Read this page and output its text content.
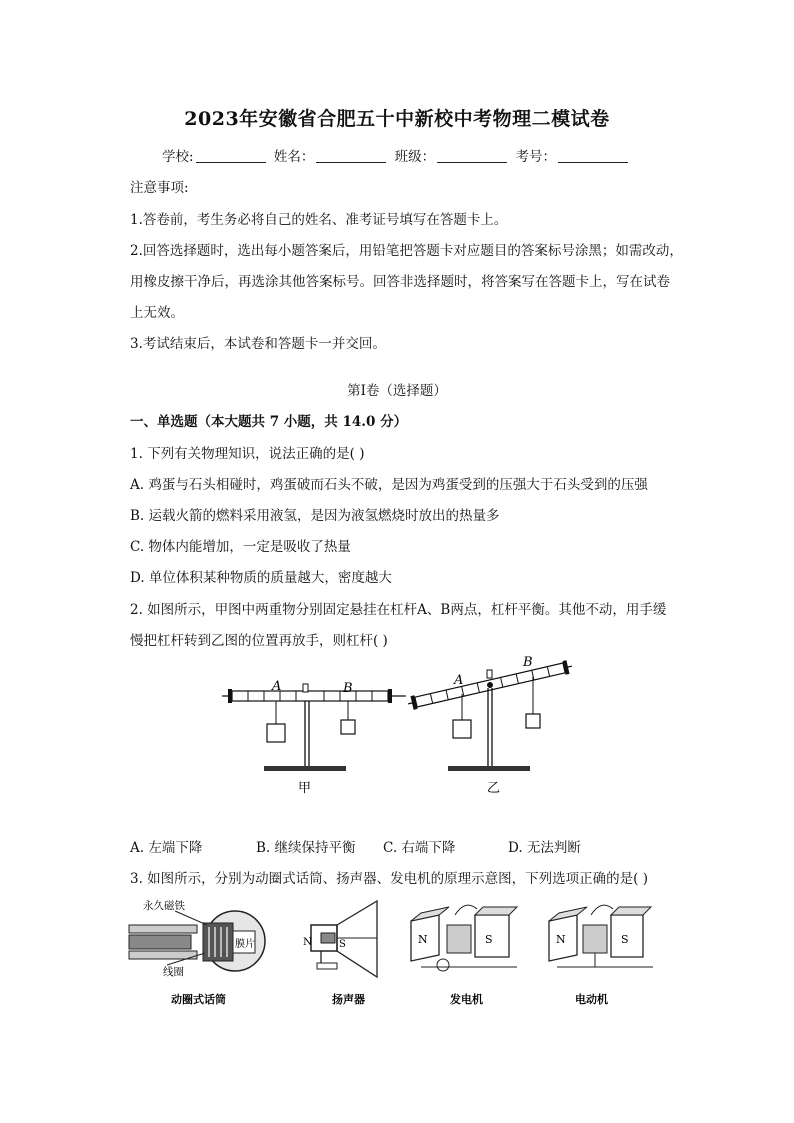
2023年安徽省合肥五十中新校中考物理二模试卷
学校:	姓名：	班级：	考号：
注意事项:
1.答卷前，考生务必将自己的姓名、准考证号填写在答题卡上。
2.回答选择题时，选出每小题答案后，用铅笔把答题卡对应题目的答案标号涂黑；如需改动，
用橡皮擦干净后，再选涂其他答案标号。回答非选择题时，将答案写在答题卡上，写在试卷
上无效。
3.考试结束后，本试卷和答题卡一并交回。
第Ⅰ卷（选择题）
一、单选题（本大题共 7 小题，共 14.0 分）
1. 下列有关物理知识，说法正确的是( )
A. 鸡蛋与石头相碰时，鸡蛋破而石头不破，是因为鸡蛋受到的压强大于石头受到的压强
B. 运载火箭的燃料采用液氢，是因为液氢燃烧时放出的热量多
C. 物体内能增加，一定是吸收了热量
D. 单位体积某种物质的质量越大，密度越大
2. 如图所示，甲图中两重物分别固定悬挂在杠杆A、B两点，杠杆平衡。其他不动，用手缓
慢把杠杆转到乙图的位置再放手，则杠杆( )
A	B
甲
A
B
乙
A. 左端下降	B. 继续保持平衡 C. 右端下降	D. 无法判断
3. 如图所示，分别为动圈式话筒、扬声器、发电机的原理示意图，下列选项正确的是( )
永久磁铁
线圈
膜片
动圈式话筒
N	S
扬声器
N	S
发电机
N	S
电动机
